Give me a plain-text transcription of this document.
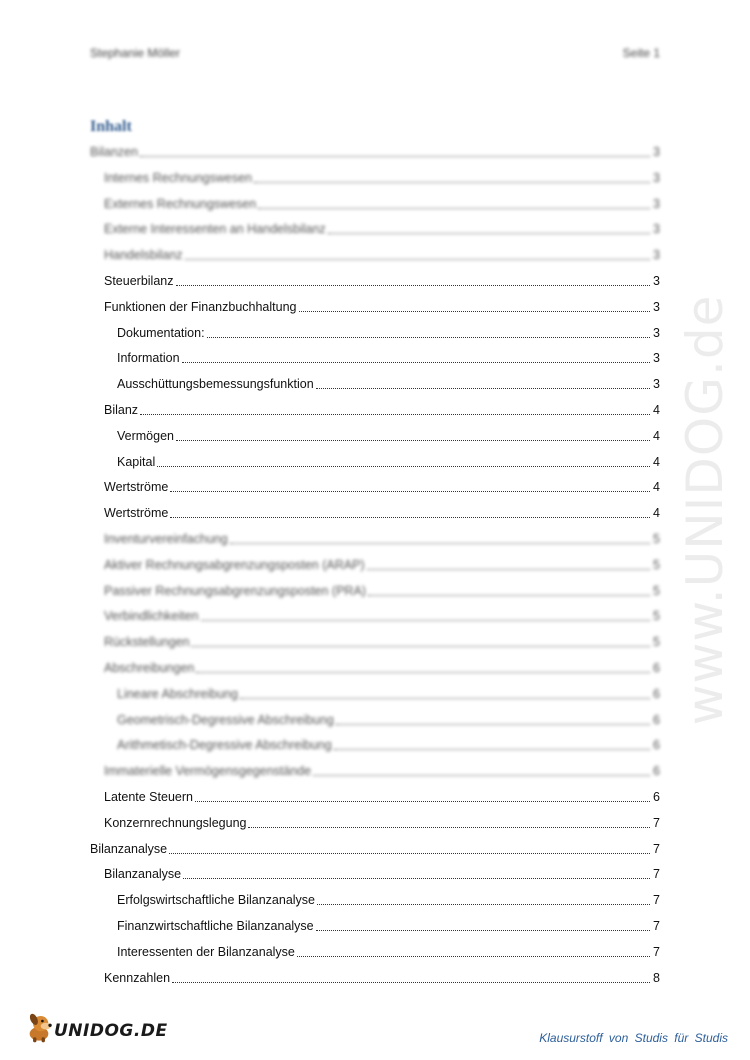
Stephanie Möller	Seite 1
Inhalt
Bilanzen	3
Internes Rechnungswesen	3
Externes Rechnungswesen	3
Externe Interessenten an Handelsbilanz	3
Handelsbilanz	3
Steuerbilanz	3
Funktionen der Finanzbuchhaltung	3
Dokumentation:	3
Information	3
Ausschüttungsbemessungsfunktion	3
Bilanz	4
Vermögen	4
Kapital	4
Wertströme	4
Wertströme	4
Inventurvereinfachung	5
Aktiver Rechnungsabgrenzungsposten (ARAP)	5
Passiver Rechnungsabgrenzungsposten (PRA)	5
Verbindlichkeiten	5
Rückstellungen	5
Abschreibungen	6
Lineare Abschreibung	6
Geometrisch-Degressive Abschreibung	6
Arithmetisch-Degressive Abschreibung	6
Immaterielle Vermögensgegenstände	6
Latente Steuern	6
Konzernrechnungslegung	7
Bilanzanalyse	7
Bilanzanalyse	7
Erfolgswirtschaftliche Bilanzanalyse	7
Finanzwirtschaftliche Bilanzanalyse	7
Interessenten der Bilanzanalyse	7
Kennzahlen	8
www.UNIDOG.de
UNIDOG.DE	Klausurstoff von Studis für Studis
